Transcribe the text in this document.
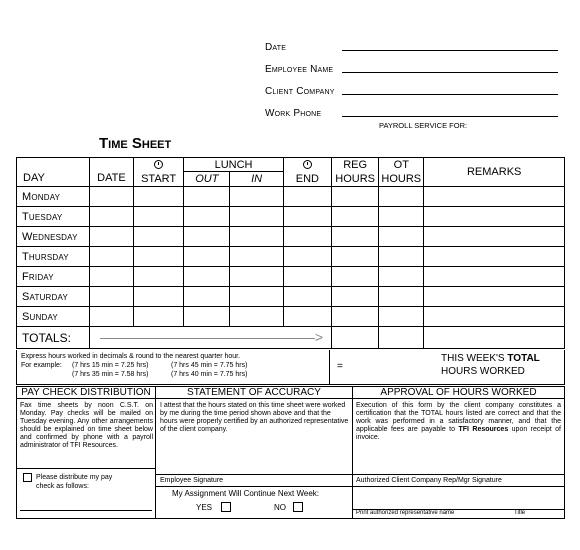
Date
Employee Name
Client Company
Work Phone
PAYROLL SERVICE FOR:
Time Sheet
DAY	DATE		LUNCH			REG	OT	REMARKS
		START	OUT	IN	END	HOURS	HOURS	
Monday								
Tuesday								
Wednesday								
Thursday								
Friday								
Saturday								
Sunday								
TOTALS:	>							

Express hours worked in decimals & round to the nearest quarter hour.
For example: (7 hrs 15 min = 7.25 hrs)
(7 hrs 35 min = 7.58 hrs)
(7 hrs 45 min = 7.75 hrs)
(7 hrs 40 min = 7.75 hrs)
=
THIS WEEK'S TOTAL
HOURS WORKED
PAY CHECK DISTRIBUTION	STATEMENT OF ACCURACY	APPROVAL OF HOURS WORKED
Fax time sheets by noon C.S.T. on Monday. Pay checks will be mailed on Tuesday evening. Any other arrangements should be explained on time sheet below and confirmed by phone with a payroll administrator of TFI Resources.
Please distribute my pay
check as follows:
I attest that the hours stated on this time sheet were worked by me during the time period shown above and that the hours were properly certified by an authorized representative of the client company.
Employee Signature
My Assignment Will Continue Next Week:
YES	NO
Execution of this form by the client company constitutes a certification that the TOTAL hours listed are correct and that the work was performed in a satisfactory manner, and that the applicable fees are payable to TFI Resources upon receipt of invoice.
Authorized Client Company Rep/Mgr Signature
Print authorized representative name	Title
